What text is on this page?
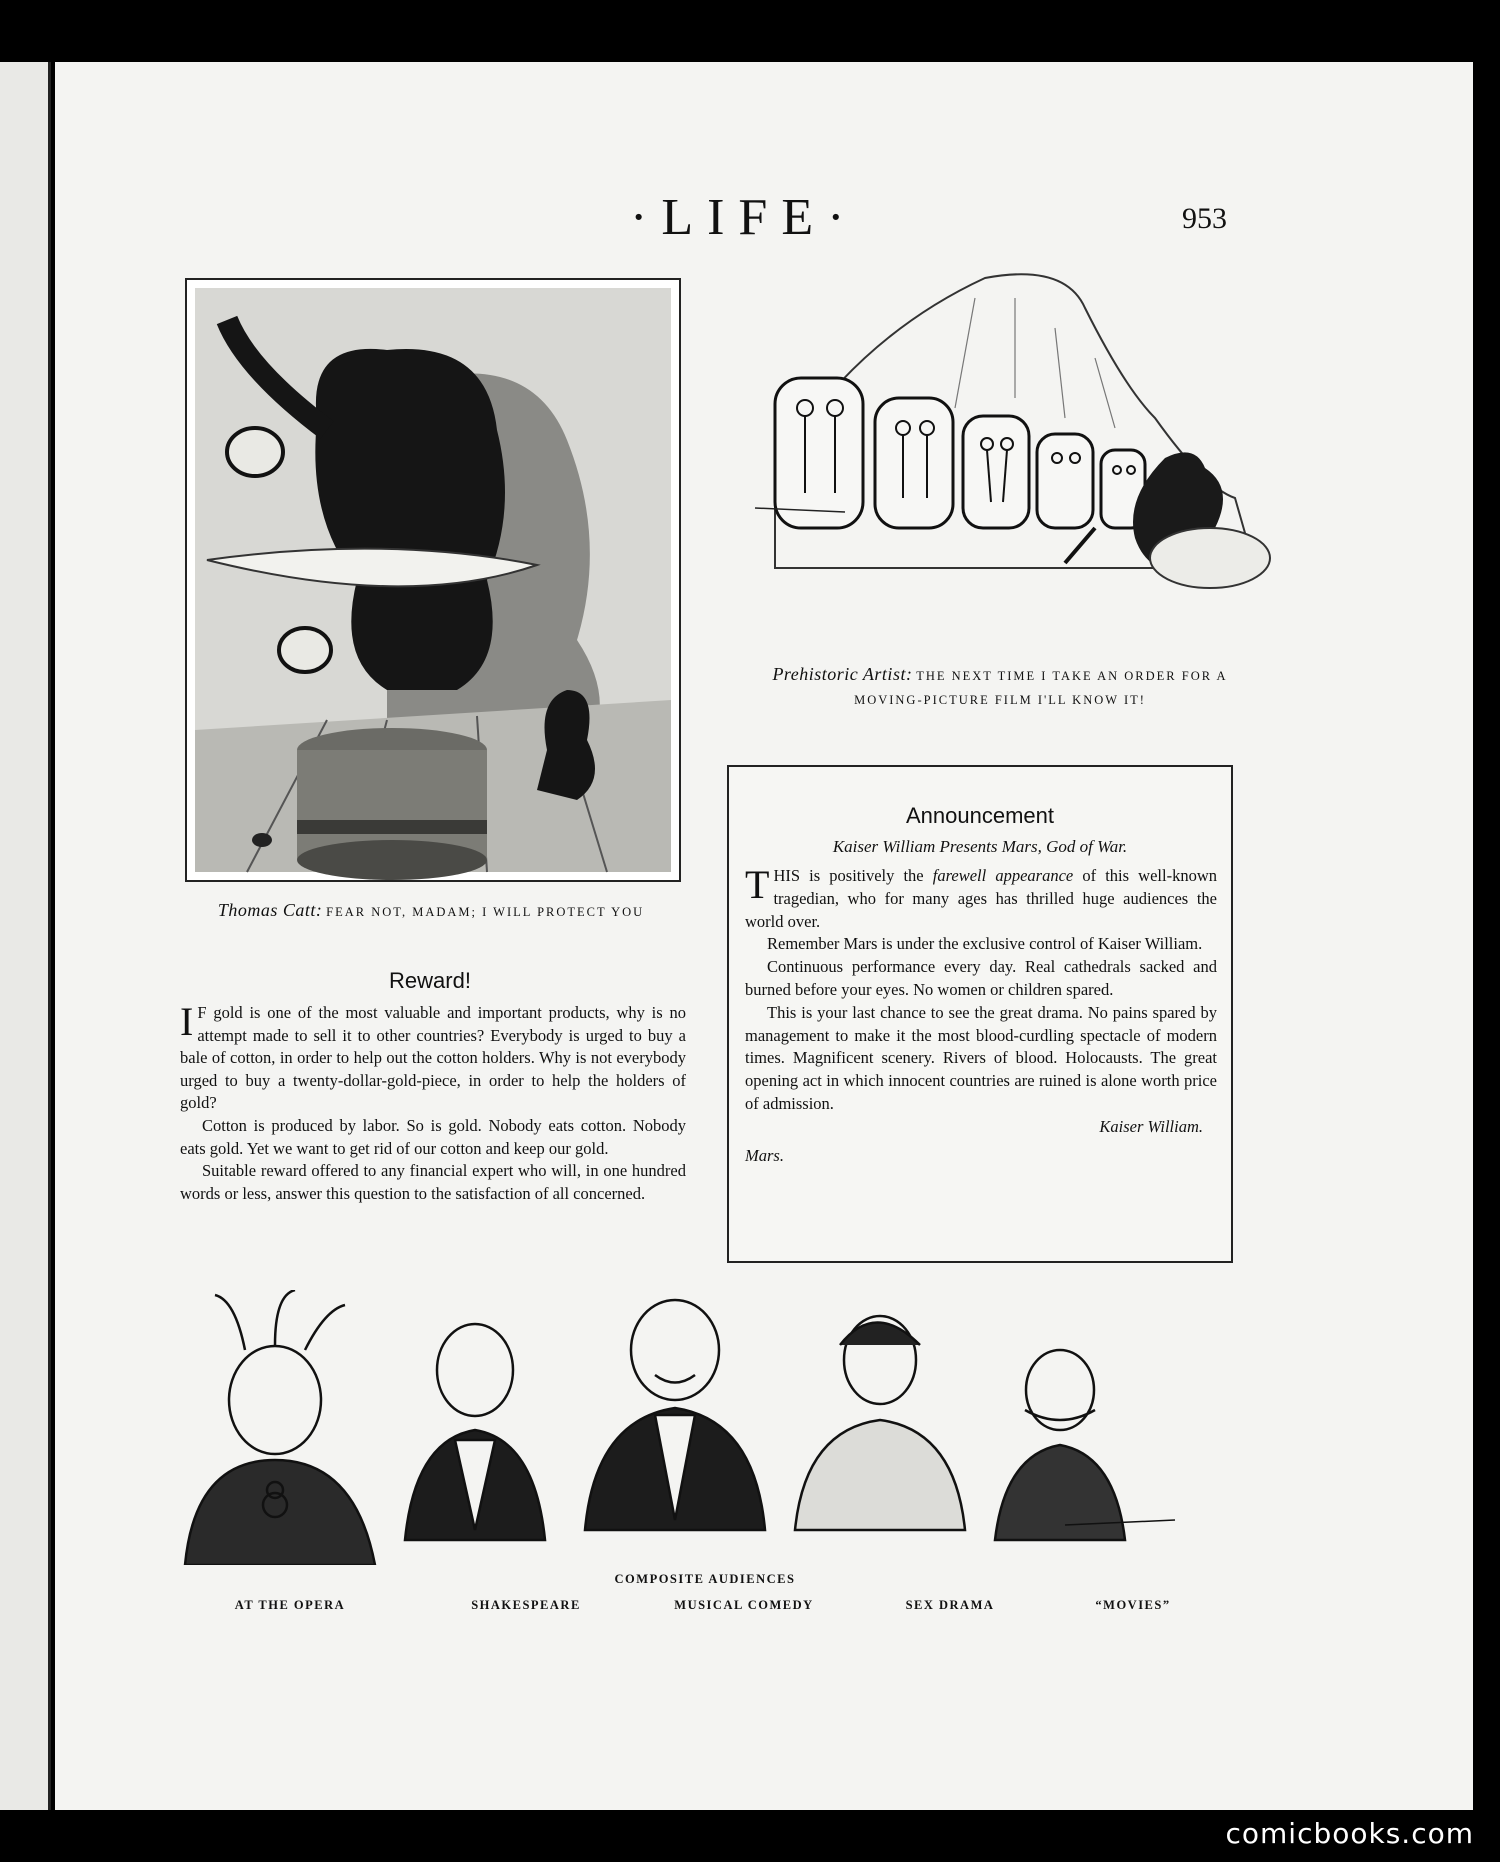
·LIFE·	953
Thomas Catt: FEAR NOT, MADAM; I WILL PROTECT YOU
Prehistoric Artist: THE NEXT TIME I TAKE AN ORDER FOR A
MOVING-PICTURE FILM I'LL KNOW IT!
Reward!

I F gold is one of the most valuable and important products, why is no attempt made to sell it to other countries? Everybody is urged to buy a bale of cotton, in order to help out the cotton holders. Why is not everybody urged to buy a twenty-dollar-gold-piece, in order to help the holders of gold?

Cotton is produced by labor. So is gold. Nobody eats cotton. Nobody eats gold. Yet we want to get rid of our cotton and keep our gold.

Suitable reward offered to any financial expert who will, in one hundred words or less, answer this question to the satisfaction of all concerned.

Announcement
Kaiser William Presents Mars, God of War.

THIS is positively the farewell appearance of this well-known tragedian, who for many ages has thrilled huge audiences the world over.

Remember Mars is under the exclusive control of Kaiser William.

Continuous performance every day. Real cathedrals sacked and burned before your eyes. No women or children spared.

This is your last chance to see the great drama. No pains spared by management to make it the most blood-curdling spectacle of modern times. Magnificent scenery. Rivers of blood. Holocausts. The great opening act in which innocent countries are ruined is alone worth price of admission.

Kaiser William.
Mars.
COMPOSITE AUDIENCES
AT THE OPERA	SHAKESPEARE	MUSICAL COMEDY	SEX DRAMA	“MOVIES”
comicbooks.com
